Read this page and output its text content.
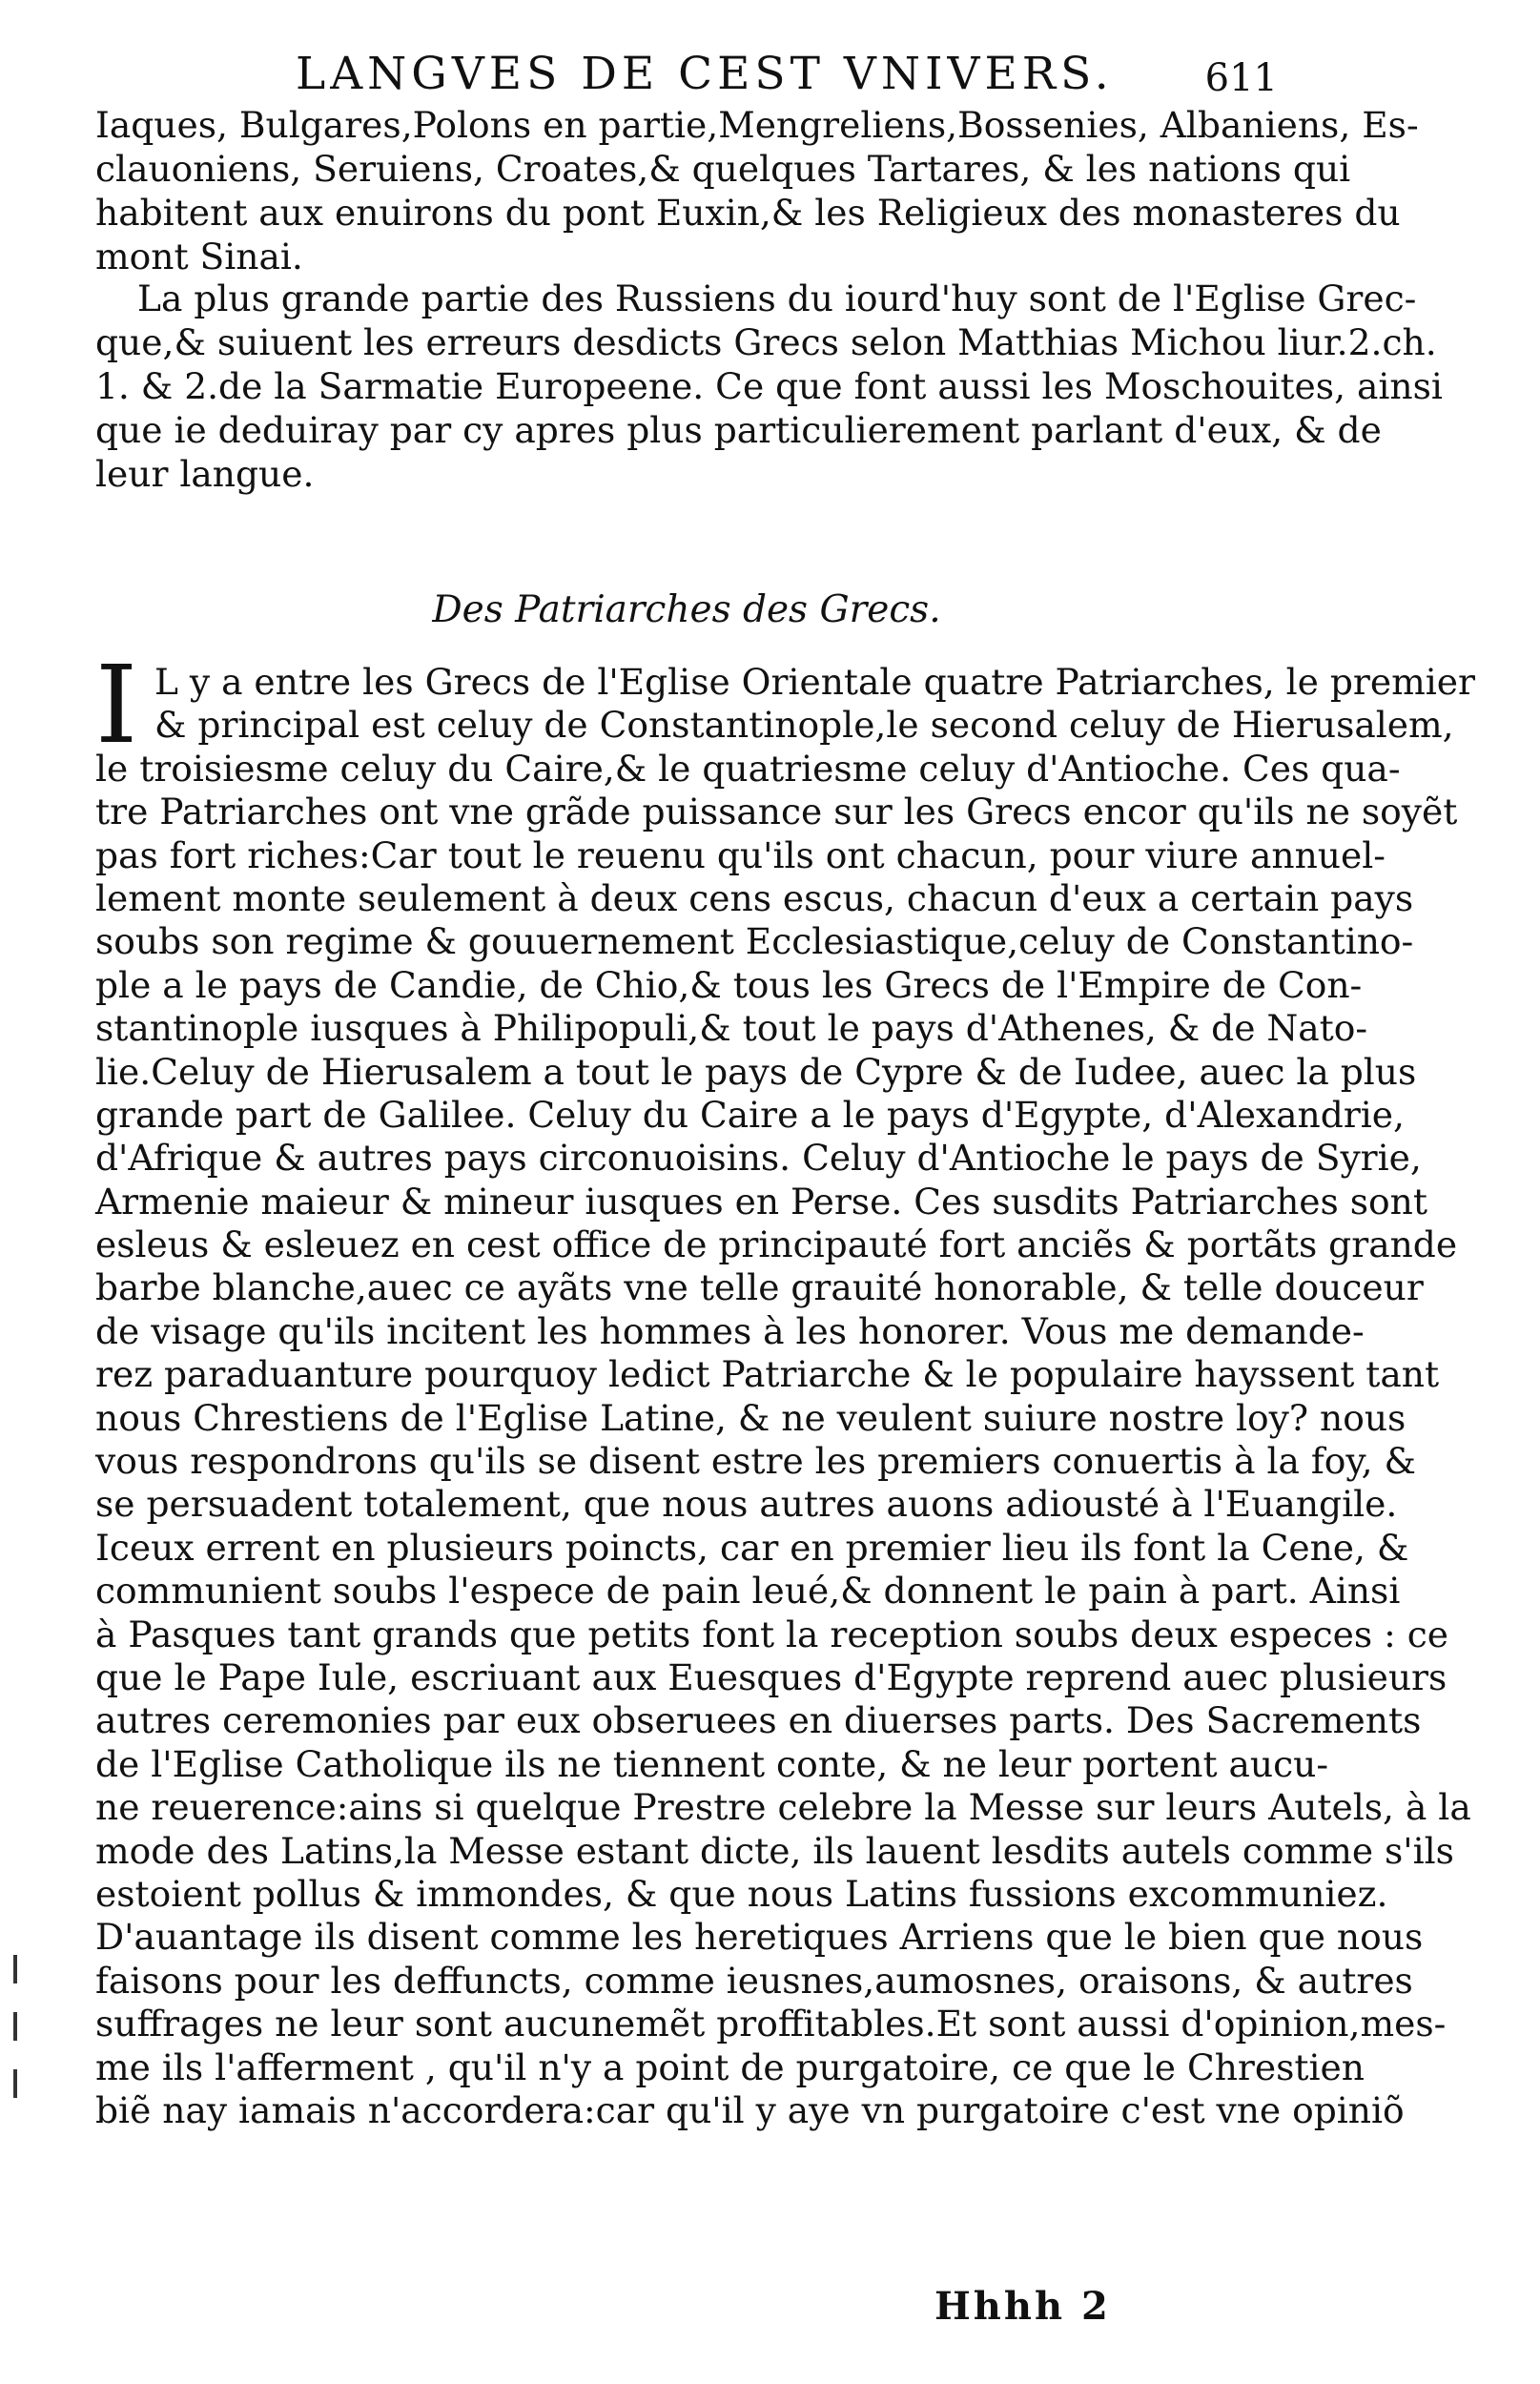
LANGVES DE CEST VNIVERS. 611
Iaques, Bulgares,Polons en partie,Mengreliens,Bossenies, Albaniens, Es-
clauoniens, Seruiens, Croates,& quelques Tartares, & les nations qui
habitent aux enuirons du pont Euxin,& les Religieux des monasteres du
mont Sinai.
La plus grande partie des Russiens du iourd'huy sont de l'Eglise Grec-
que,& suiuent les erreurs desdicts Grecs selon Matthias Michou liur.2.ch.
1. & 2.de la Sarmatie Europeene. Ce que font aussi les Moschouites, ainsi
que ie deduiray par cy apres plus particulierement parlant d'eux, & de
leur langue.
Des Patriarches des Grecs.
I L y a entre les Grecs de l'Eglise Orientale quatre Patriarches, le premier
& principal est celuy de Constantinople,le second celuy de Hierusalem,
le troisiesme celuy du Caire,& le quatriesme celuy d'Antioche. Ces qua-
tre Patriarches ont vne grãde puissance sur les Grecs encor qu'ils ne soyẽt
pas fort riches:Car tout le reuenu qu'ils ont chacun, pour viure annuel-
lement monte seulement à deux cens escus, chacun d'eux a certain pays
soubs son regime & gouuernement Ecclesiastique,celuy de Constantino-
ple a le pays de Candie, de Chio,& tous les Grecs de l'Empire de Con-
stantinople iusques à Philipopuli,& tout le pays d'Athenes, & de Nato-
lie.Celuy de Hierusalem a tout le pays de Cypre & de Iudee, auec la plus
grande part de Galilee. Celuy du Caire a le pays d'Egypte, d'Alexandrie,
d'Afrique & autres pays circonuoisins. Celuy d'Antioche le pays de Syrie,
Armenie maieur & mineur iusques en Perse. Ces susdits Patriarches sont
esleus & esleuez en cest office de principauté fort anciẽs & portãts grande
barbe blanche,auec ce ayãts vne telle grauité honorable, & telle douceur
de visage qu'ils incitent les hommes à les honorer. Vous me demande-
rez paraduanture pourquoy ledict Patriarche & le populaire hayssent tant
nous Chrestiens de l'Eglise Latine, & ne veulent suiure nostre loy? nous
vous respondrons qu'ils se disent estre les premiers conuertis à la foy, &
se persuadent totalement, que nous autres auons adiousté à l'Euangile.
Iceux errent en plusieurs poincts, car en premier lieu ils font la Cene, &
communient soubs l'espece de pain leué,& donnent le pain à part. Ainsi
à Pasques tant grands que petits font la reception soubs deux especes : ce
que le Pape Iule, escriuant aux Euesques d'Egypte reprend auec plusieurs
autres ceremonies par eux obseruees en diuerses parts. Des Sacrements
de l'Eglise Catholique ils ne tiennent conte, & ne leur portent aucu-
ne reuerence:ains si quelque Prestre celebre la Messe sur leurs Autels, à la
mode des Latins,la Messe estant dicte, ils lauent lesdits autels comme s'ils
estoient pollus & immondes, & que nous Latins fussions excommuniez.
D'auantage ils disent comme les heretiques Arriens que le bien que nous
faisons pour les deffuncts, comme ieusnes,aumosnes, oraisons, & autres
suffrages ne leur sont aucunemẽt proffitables.Et sont aussi d'opinion,mes-
me ils l'afferment , qu'il n'y a point de purgatoire, ce que le Chrestien
biẽ nay iamais n'accordera:car qu'il y aye vn purgatoire c'est vne opiniõ
Hhhh 2
